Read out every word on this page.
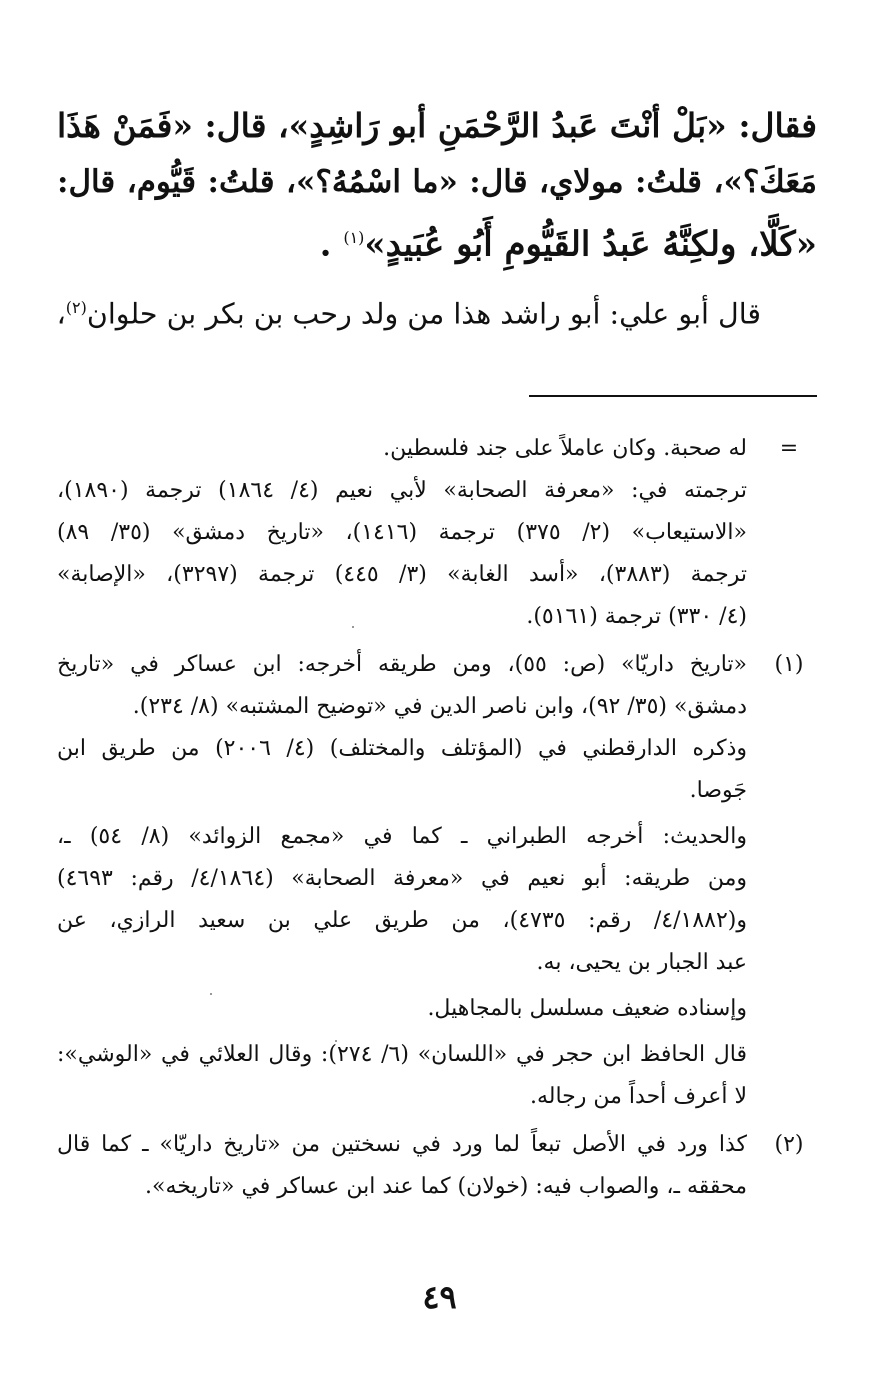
فقال: «بَلْ أنْتَ عَبدُ الرَّحْمَنِ أبو رَاشِدٍ»، قال: «فَمَنْ هَذَا
مَعَكَ؟»، قلتُ: مولاي، قال: «ما اسْمُهُ؟»، قلتُ: قَيُّوم، قال:
«كَلَّا، ولكِنَّهُ عَبدُ القَيُّومِ أَبُو عُبَيدٍ»$^{(١)}$ .
قال أبو علي: أبو راشد هذا من ولد رحب بن بكر بن حلوان$^{(٢)}$،
=
له صحبة. وكان عاملاً على جند فلسطين.
ترجمته في: «معرفة الصحابة» لأبي نعيم (٤/ ١٨٦٤) ترجمة (١٨٩٠)،
«الاستيعاب» (٢/ ٣٧٥) ترجمة (١٤١٦)، «تاريخ دمشق» (٣٥/ ٨٩)
ترجمة (٣٨٨٣)، «أسد الغابة» (٣/ ٤٤٥) ترجمة (٣٢٩٧)، «الإصابة»
(٤/ ٣٣٠) ترجمة (٥١٦١).
(١)
«تاريخ داريّا» (ص: ٥٥)، ومن طريقه أخرجه: ابن عساكر في «تاريخ
دمشق» (٣٥/ ٩٢)، وابن ناصر الدين في «توضيح المشتبه» (٨/ ٢٣٤).
وذكره الدارقطني في (المؤتلف والمختلف) (٤/ ٢٠٠٦) من طريق ابن
جَوصا.
والحديث: أخرجه الطبراني ـ كما في «مجمع الزوائد» (٨/ ٥٤) ـ،
ومن طريقه: أبو نعيم في «معرفة الصحابة» (٤/١٨٦٤/ رقم: ٤٦٩٣)
و(٤/١٨٨٢/ رقم: ٤٧٣٥)، من طريق علي بن سعيد الرازي، عن
عبد الجبار بن يحيى، به.
وإسناده ضعيف مسلسل بالمجاهيل.
قال الحافظ ابن حجر في «اللسان» (٦/ ٢٧٤): وقال العلائي في «الوشي»:
لا أعرف أحداً من رجاله.
(٢)
كذا ورد في الأصل تبعاً لما ورد في نسختين من «تاريخ داريّا» ـ كما قال
محققه ـ، والصواب فيه: (خولان) كما عند ابن عساكر في «تاريخه».
٤٩
